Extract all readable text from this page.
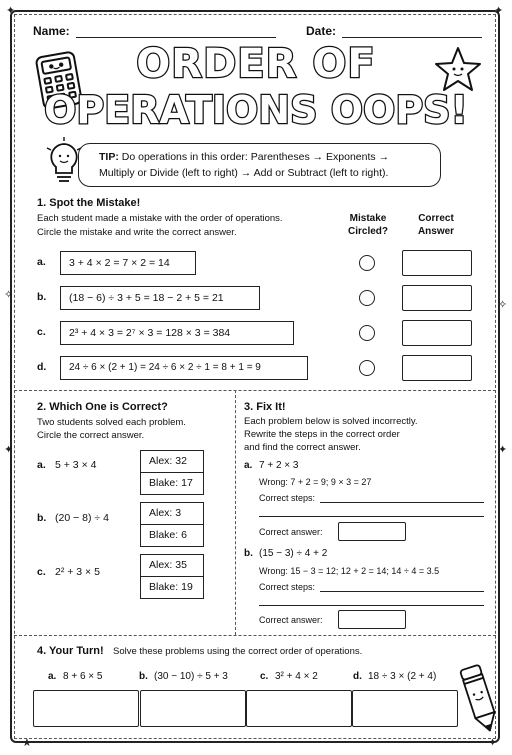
✦	✦
✧
✧
✦	✦
★	✦
Name:	Date:
ORDER OF
OPERATIONS OOPS!
TIP: Do operations in this order: Parentheses → Exponents →
Multiply or Divide (left to right) → Add or Subtract (left to right).
1. Spot the Mistake!
Each student made a mistake with the order of operations.
Circle the mistake and write the correct answer.
Mistake
Circled?
Correct
Answer
a.	3 + 4 × 2 = 7 × 2 = 14
b.	(18 − 6) ÷ 3 + 5 = 18 − 2 + 5 = 21
c.	2³ + 4 × 3 = 2⁷ × 3 = 128 × 3 = 384
d.	24 ÷ 6 × (2 + 1) = 24 ÷ 6 × 2 ÷ 1 = 8 + 1 = 9
2. Which One is Correct?
Two students solved each problem.
Circle the correct answer.
a. 5 + 3 × 4	Alex: 32
Blake: 17
b. (20 − 8) ÷ 4	Alex: 3
Blake: 6
c. 2² + 3 × 5
Alex: 35
Blake: 19
3. Fix It!
Each problem below is solved incorrectly.
Rewrite the steps in the correct order
and find the correct answer.
a. 7 + 2 × 3
Wrong: 7 + 2 = 9; 9 × 3 = 27
Correct steps:
Correct answer:
b. (15 − 3) ÷ 4 + 2
Wrong: 15 − 3 = 12; 12 + 2 = 14; 14 ÷ 4 = 3.5
Correct steps:
Correct answer:
4. Your Turn! Solve these problems using the correct order of operations.
a. 8 + 6 × 5	b. (30 − 10) ÷ 5 + 3	c. 3² + 4 × 2	d. 18 ÷ 3 × (2 + 4)
